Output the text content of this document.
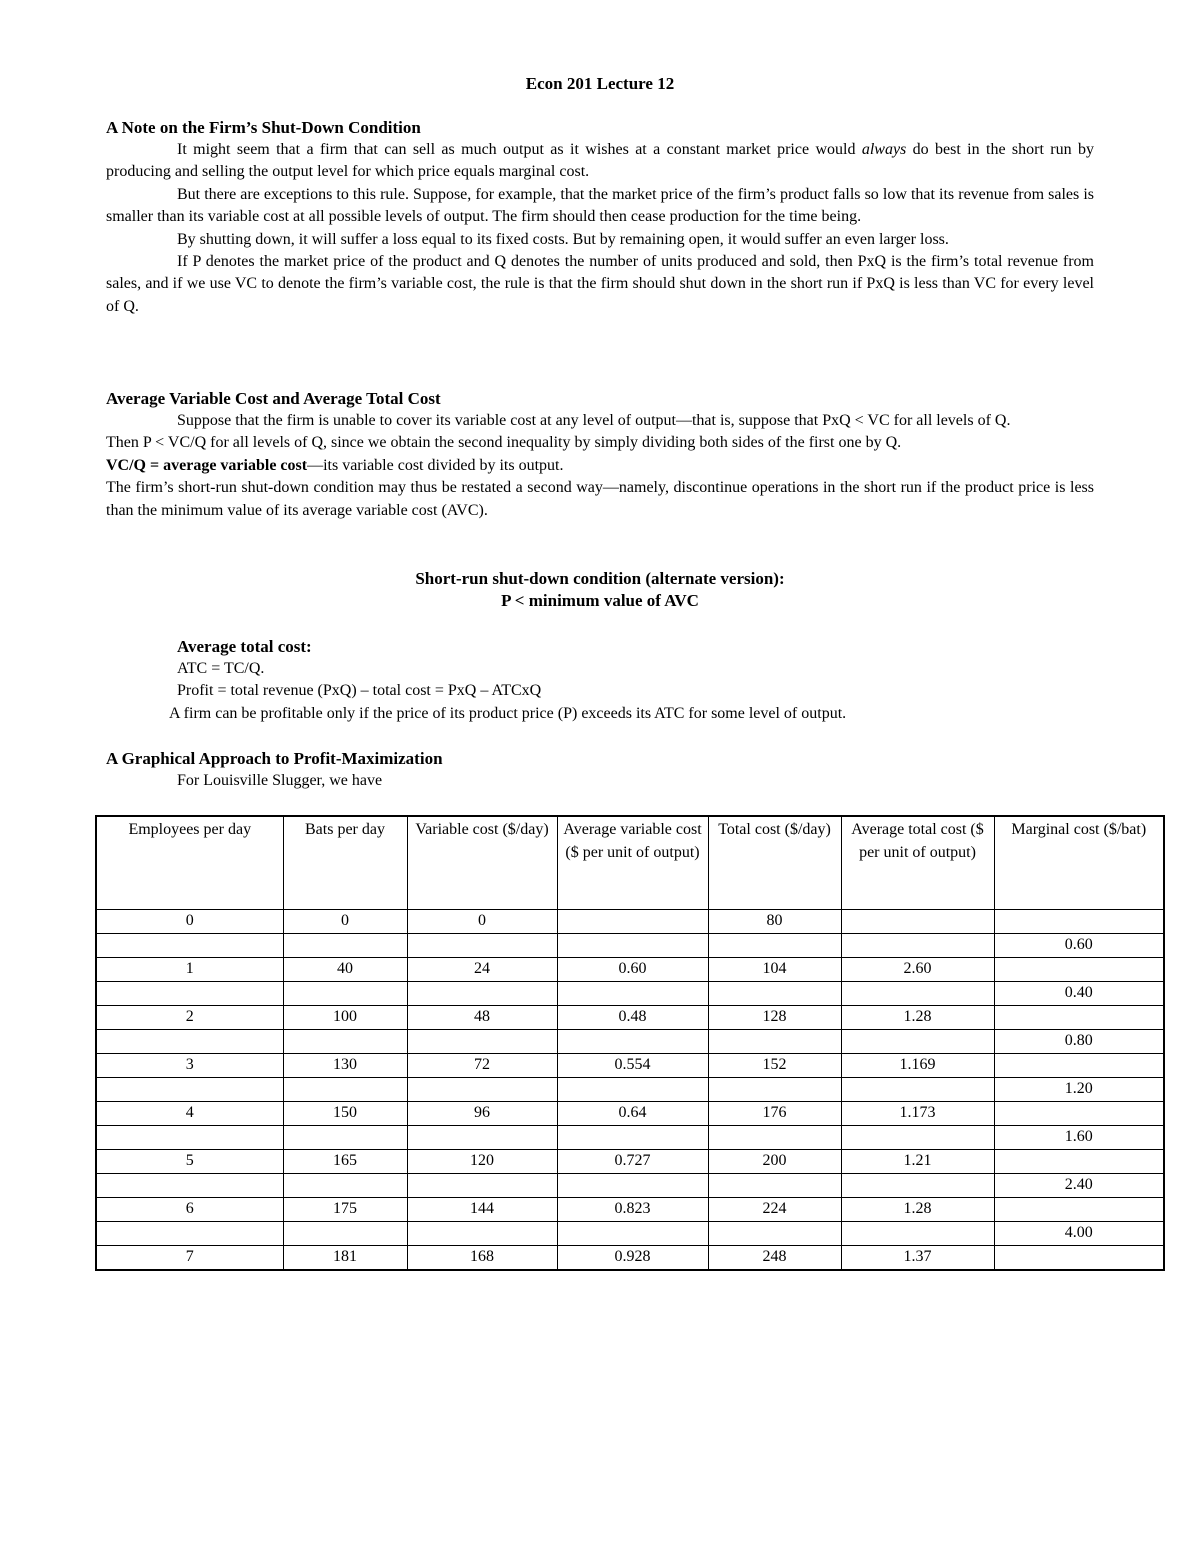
Econ 201 Lecture 12
A Note on the Firm’s Shut-Down Condition
It might seem that a firm that can sell as much output as it wishes at a constant market price would always do best in the short run by producing and selling the output level for which price equals marginal cost.
But there are exceptions to this rule. Suppose, for example, that the market price of the firm’s product falls so low that its revenue from sales is smaller than its variable cost at all possible levels of output. The firm should then cease production for the time being.
By shutting down, it will suffer a loss equal to its fixed costs. But by remaining open, it would suffer an even larger loss.
If P denotes the market price of the product and Q denotes the number of units produced and sold, then PxQ is the firm’s total revenue from sales, and if we use VC to denote the firm’s variable cost, the rule is that the firm should shut down in the short run if PxQ is less than VC for every level of Q.
Average Variable Cost and Average Total Cost
Suppose that the firm is unable to cover its variable cost at any level of output—that is, suppose that PxQ < VC for all levels of Q.
Then P < VC/Q for all levels of Q, since we obtain the second inequality by simply dividing both sides of the first one by Q.
VC/Q = average variable cost—its variable cost divided by its output.
The firm’s short-run shut-down condition may thus be restated a second way—namely, discontinue operations in the short run if the product price is less than the minimum value of its average variable cost (AVC).
Short-run shut-down condition (alternate version):
P < minimum value of AVC
Average total cost:
ATC = TC/Q.
Profit = total revenue (PxQ) – total cost = PxQ – ATCxQ
A firm can be profitable only if the price of its product price (P) exceeds its ATC for some level of output.
A Graphical Approach to Profit-Maximization
For Louisville Slugger, we have
Employees per day	Bats per day	Variable cost ($/day)	Average variable cost ($ per unit of output)	Total cost ($/day)	Average total cost ($ per unit of output)	Marginal cost ($/bat)
0	0	0		80		
						0.60
1	40	24	0.60	104	2.60	
						0.40
2	100	48	0.48	128	1.28	
						0.80
3	130	72	0.554	152	1.169	
						1.20
4	150	96	0.64	176	1.173	
						1.60
5	165	120	0.727	200	1.21	
						2.40
6	175	144	0.823	224	1.28	
						4.00
7	181	168	0.928	248	1.37	
